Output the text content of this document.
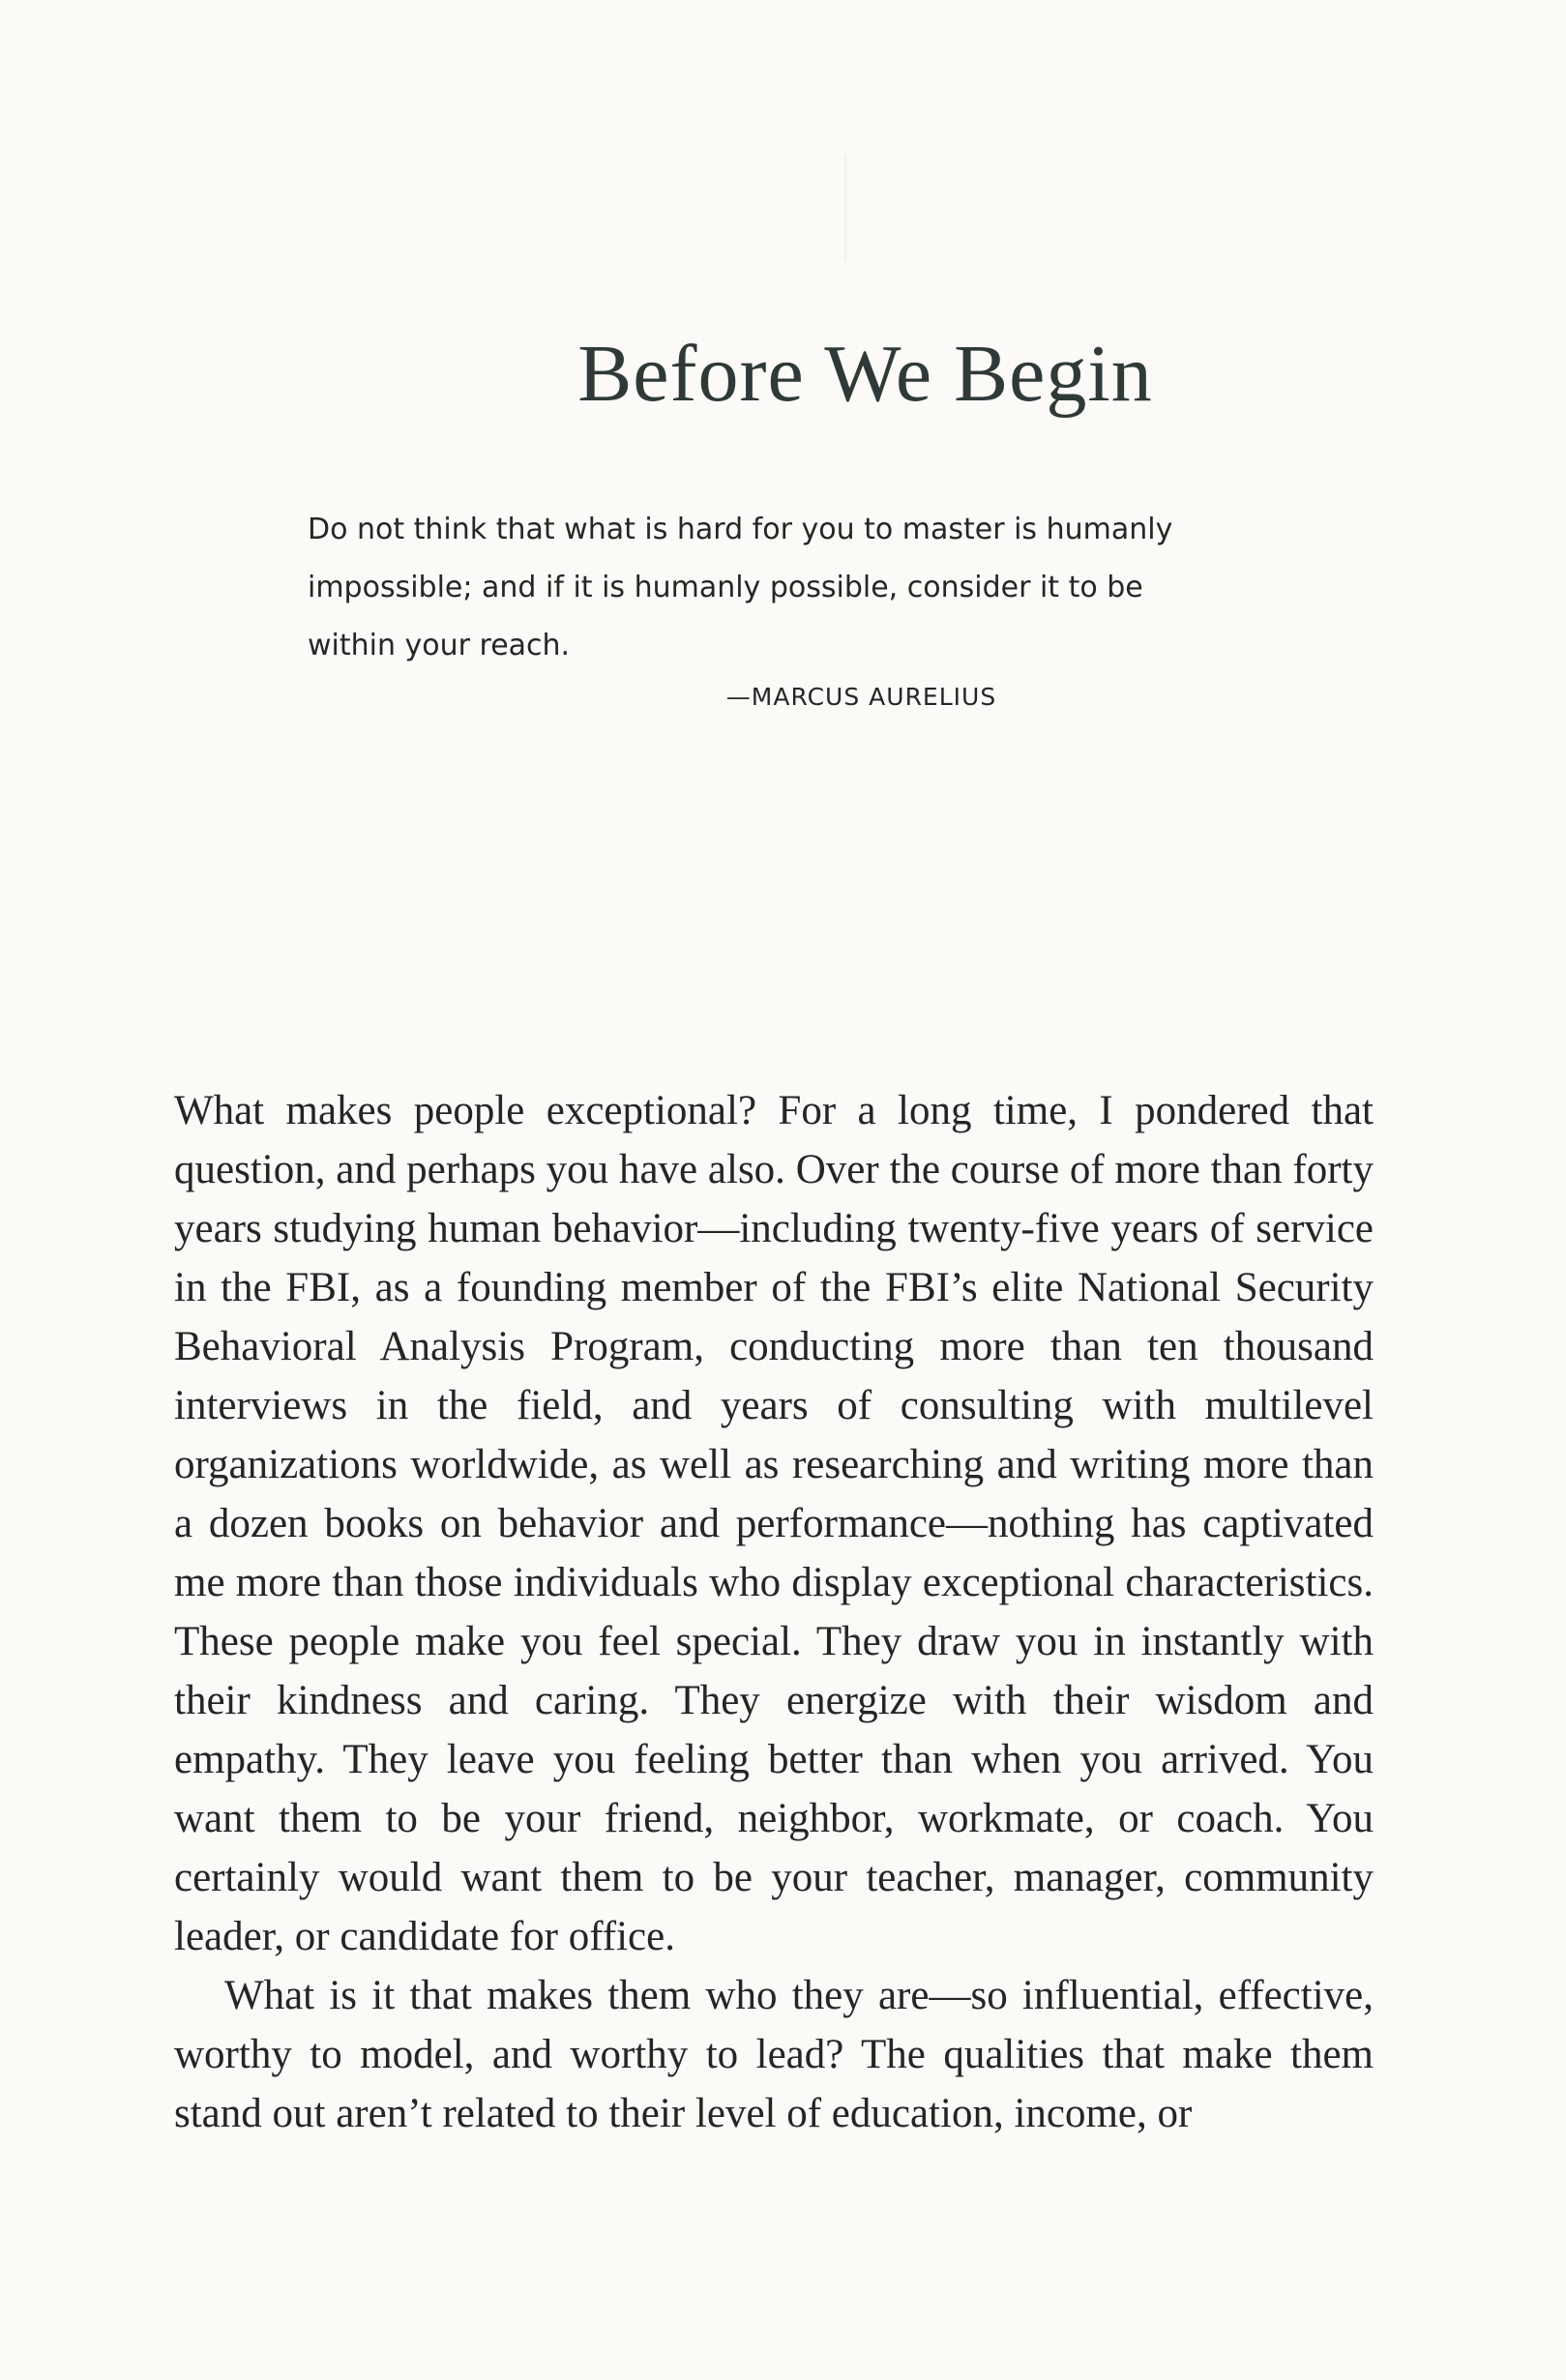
Before We Begin

Do not think that what is hard for you to master is humanly impossible; and if it is humanly possible, consider it to be within your reach.

—MARCUS AURELIUS

What makes people exceptional? For a long time, I pondered that question, and perhaps you have also. Over the course of more than forty years studying human behavior—including twenty-five years of service in the FBI, as a founding member of the FBI’s elite National Security Behavioral Analysis Program, conducting more than ten thousand interviews in the field, and years of consulting with multilevel organizations worldwide, as well as researching and writing more than a dozen books on behavior and performance—nothing has captivated me more than those individuals who display exceptional characteristics. These people make you feel special. They draw you in instantly with their kindness and caring. They energize with their wisdom and empathy. They leave you feeling better than when you arrived. You want them to be your friend, neighbor, workmate, or coach. You certainly would want them to be your teacher, manager, community leader, or candidate for office.

What is it that makes them who they are—so influential, effective, worthy to model, and worthy to lead? The qualities that make them stand out aren’t related to their level of education, income, or
